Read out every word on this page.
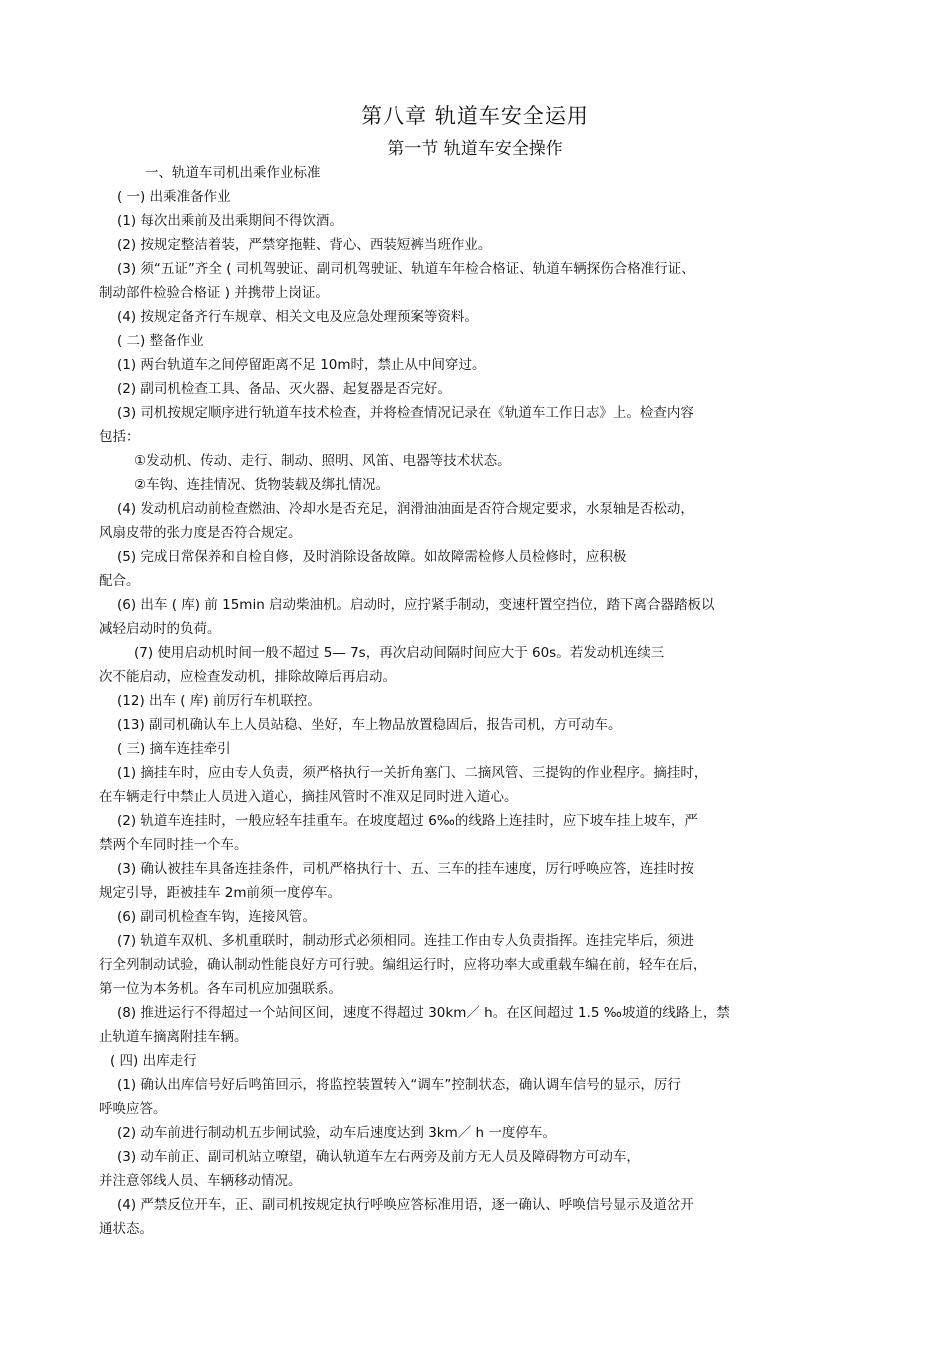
第八章 轨道车安全运用
第一节 轨道车安全操作
一、轨道车司机出乘作业标准
( 一) 出乘准备作业
(1) 每次出乘前及出乘期间不得饮酒。
(2) 按规定整洁着装，严禁穿拖鞋、背心、西装短裤当班作业。
(3) 须“五证”齐全 ( 司机驾驶证、副司机驾驶证、轨道车年检合格证、轨道车辆探伤合格准行证、
制动部件检验合格证 ) 并携带上岗证。
(4) 按规定备齐行车规章、相关文电及应急处理预案等资料。
( 二) 整备作业
(1) 两台轨道车之间停留距离不足 10m时，禁止从中间穿过。
(2) 副司机检查工具、备品、灭火器、起复器是否完好。
(3) 司机按规定顺序进行轨道车技术检查，并将检查情况记录在《轨道车工作日志》上。检查内容
包括：
①发动机、传动、走行、制动、照明、风笛、电器等技术状态。
②车钩、连挂情况、货物装载及绑扎情况。
(4) 发动机启动前检查燃油、冷却水是否充足，润滑油油面是否符合规定要求，水泵轴是否松动，
风扇皮带的张力度是否符合规定。
(5) 完成日常保养和自检自修，及时消除设备故障。如故障需检修人员检修时，应积极
配合。
(6) 出车 ( 库) 前 15min 启动柴油机。启动时，应拧紧手制动，变速杆置空挡位，踏下离合器踏板以
减轻启动时的负荷。
(7) 使用启动机时间一般不超过 5— 7s，再次启动间隔时间应大于 60s。若发动机连续三
次不能启动，应检查发动机，排除故障后再启动。
(12) 出车 ( 库) 前厉行车机联控。
(13) 副司机确认车上人员站稳、坐好，车上物品放置稳固后，报告司机，方可动车。
( 三) 摘车连挂牵引
(1) 摘挂车时，应由专人负责，须严格执行一关折角塞门、二摘风管、三提钩的作业程序。摘挂时，
在车辆走行中禁止人员进入道心，摘挂风管时不准双足同时进入道心。
(2) 轨道车连挂时，一般应轻车挂重车。在坡度超过 6‰的线路上连挂时，应下坡车挂上坡车，严
禁两个车同时挂一个车。
(3) 确认被挂车具备连挂条件，司机严格执行十、五、三车的挂车速度，厉行呼唤应答，连挂时按
规定引导，距被挂车 2m前须一度停车。
(6) 副司机检查车钩，连接风管。
(7) 轨道车双机、多机重联时，制动形式必须相同。连挂工作由专人负责指挥。连挂完毕后，须进
行全列制动试验，确认制动性能良好方可行驶。编组运行时，应将功率大或重载车编在前，轻车在后，
第一位为本务机。各车司机应加强联系。
(8) 推进运行不得超过一个站间区间，速度不得超过 30km／ h。在区间超过 1.5 ‰坡道的线路上，禁
止轨道车摘离附挂车辆。
( 四) 出库走行
(1) 确认出库信号好后鸣笛回示，将监控装置转入“调车”控制状态，确认调车信号的显示，厉行
呼唤应答。
(2) 动车前进行制动机五步闸试验，动车后速度达到 3km／ h 一度停车。
(3) 动车前正、副司机站立嘹望，确认轨道车左右两旁及前方无人员及障碍物方可动车，
并注意邻线人员、车辆移动情况。
(4) 严禁反位开车，正、副司机按规定执行呼唤应答标准用语，逐一确认、呼唤信号显示及道岔开
通状态。
